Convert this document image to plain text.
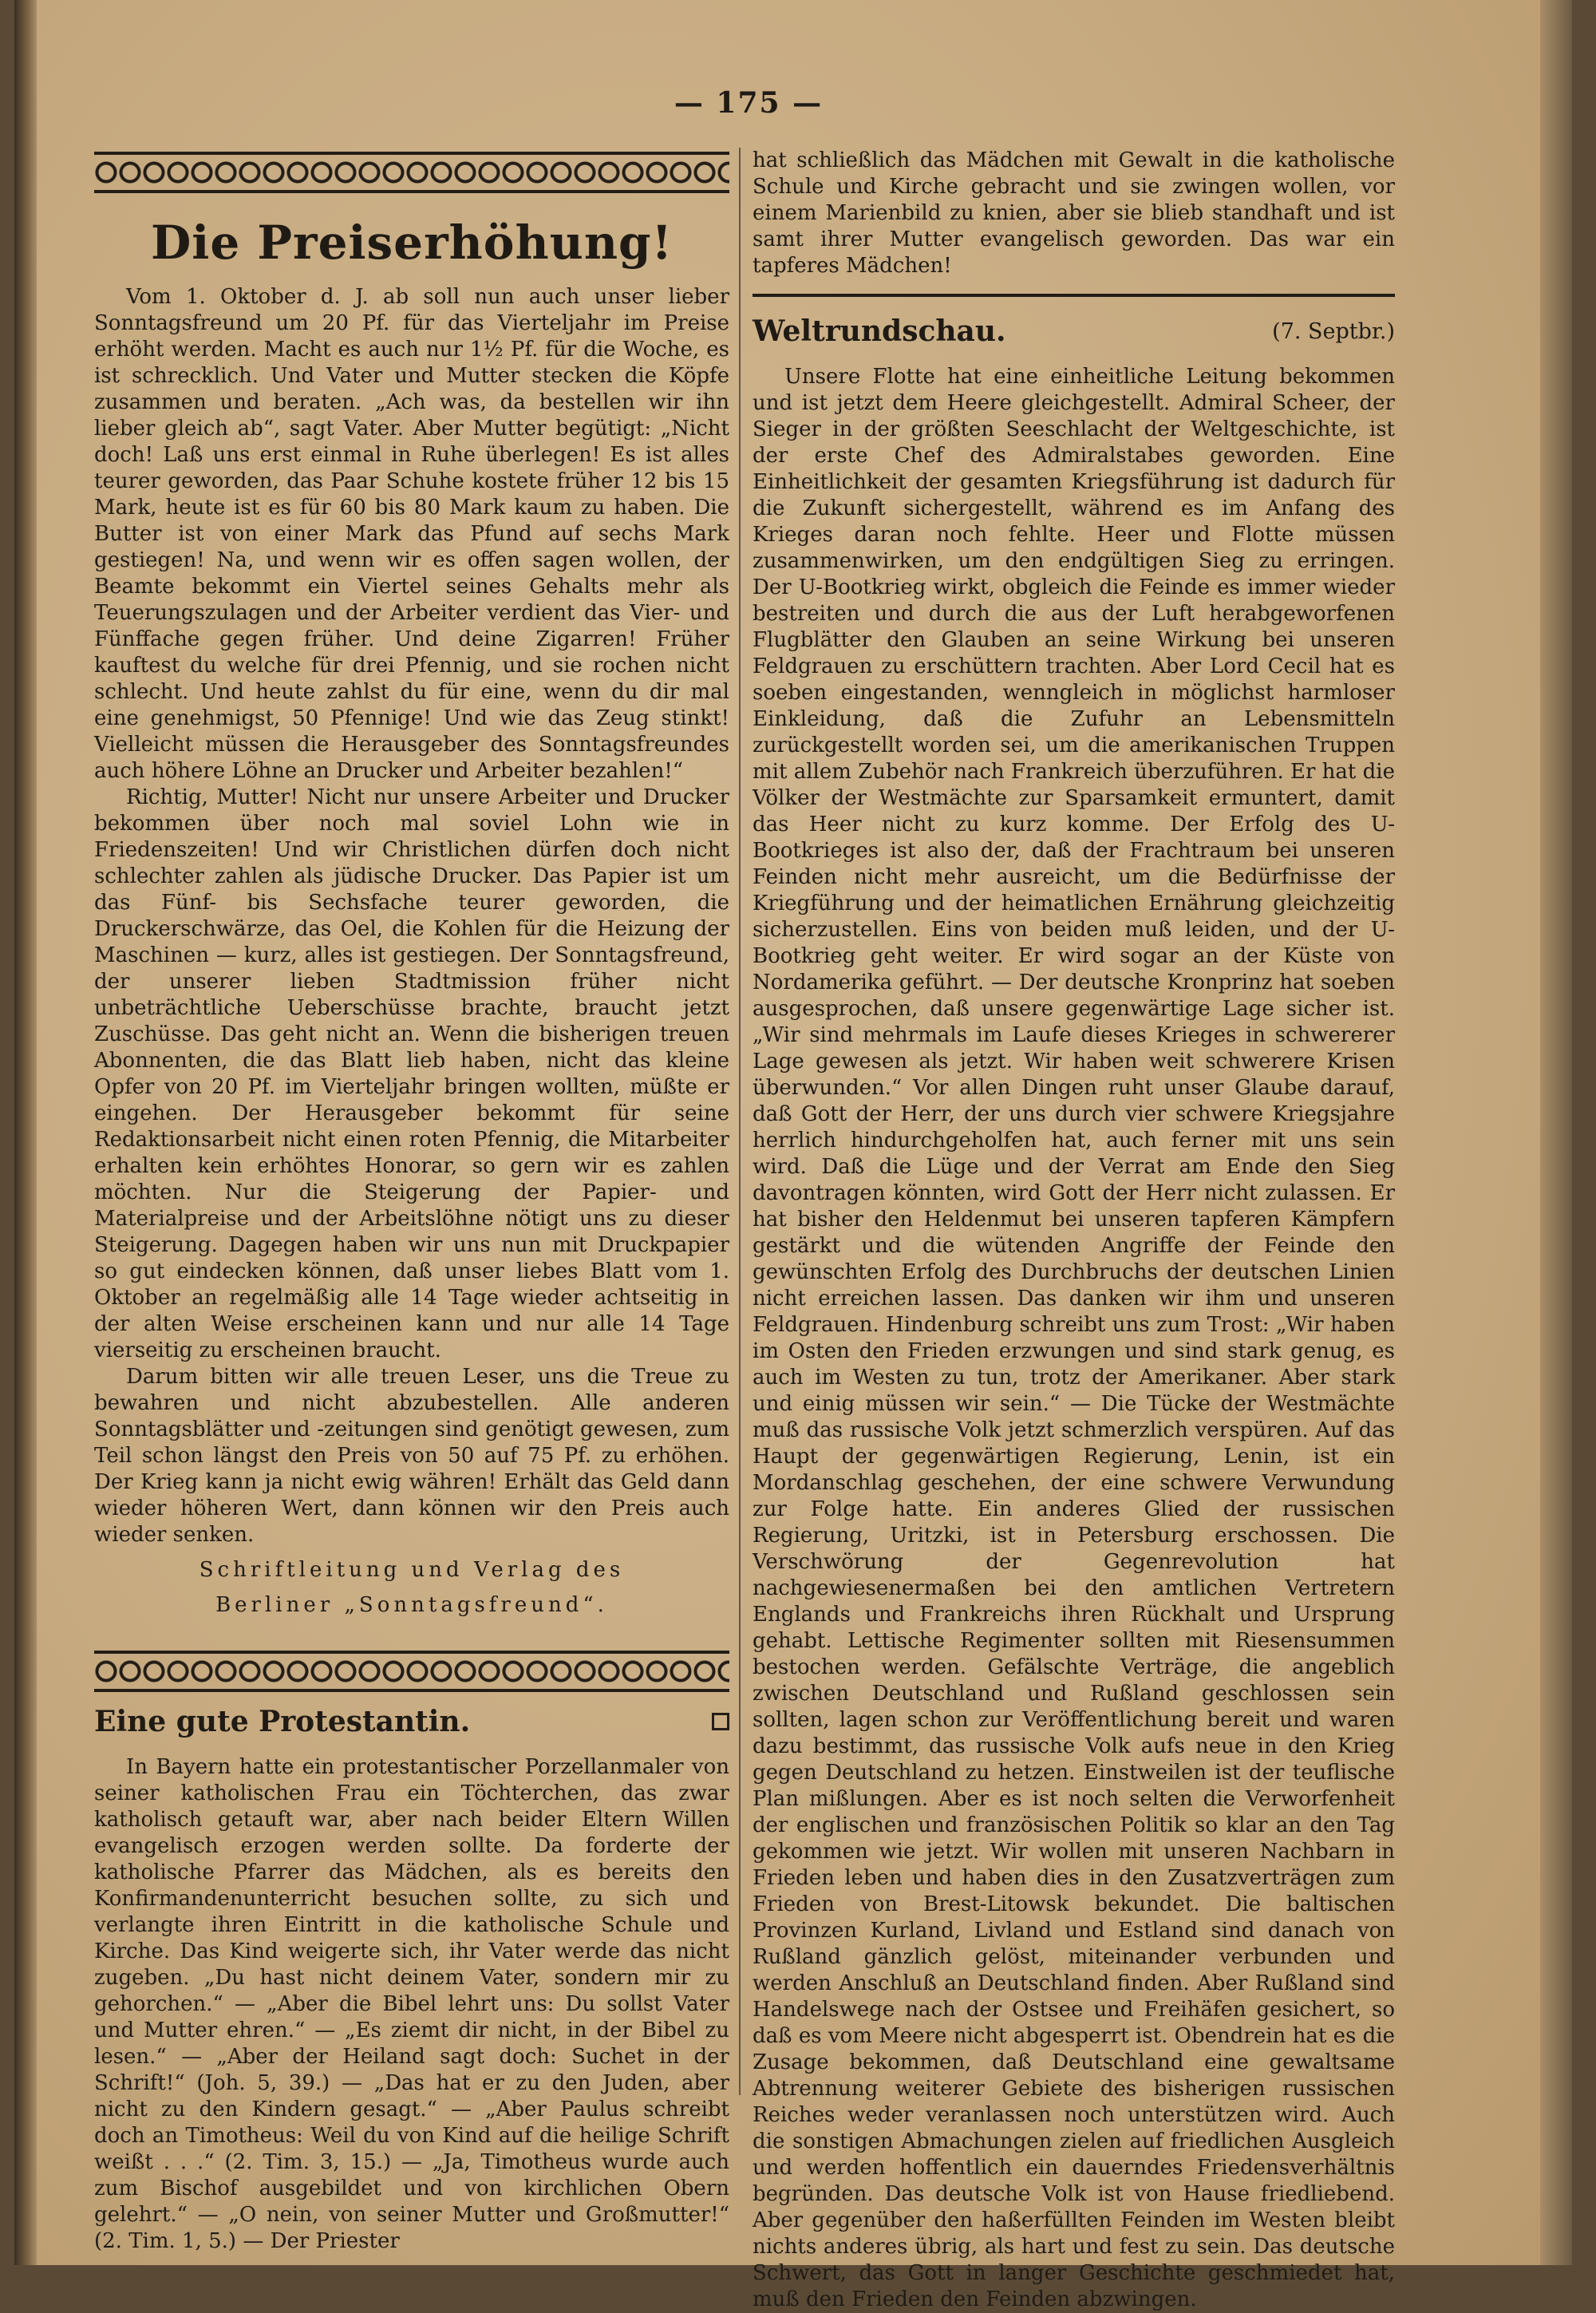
— 175 —
Die Preiserhöhung!

Vom 1. Oktober d. J. ab soll nun auch unser lieber Sonntagsfreund um 20 Pf. für das Vierteljahr im Preise erhöht werden. Macht es auch nur 1½ Pf. für die Woche, es ist schrecklich. Und Vater und Mutter stecken die Köpfe zusammen und beraten. „Ach was, da bestellen wir ihn lieber gleich ab“, sagt Vater. Aber Mutter begütigt: „Nicht doch! Laß uns erst einmal in Ruhe überlegen! Es ist alles teurer geworden, das Paar Schuhe kostete früher 12 bis 15 Mark, heute ist es für 60 bis 80 Mark kaum zu haben. Die Butter ist von einer Mark das Pfund auf sechs Mark gestiegen! Na, und wenn wir es offen sagen wollen, der Beamte bekommt ein Viertel seines Gehalts mehr als Teuerungszulagen und der Arbeiter verdient das Vier- und Fünffache gegen früher. Und deine Zigarren! Früher kauftest du welche für drei Pfennig, und sie rochen nicht schlecht. Und heute zahlst du für eine, wenn du dir mal eine genehmigst, 50 Pfennige! Und wie das Zeug stinkt! Vielleicht müssen die Herausgeber des Sonntagsfreundes auch höhere Löhne an Drucker und Arbeiter bezahlen!“

Richtig, Mutter! Nicht nur unsere Arbeiter und Drucker bekommen über noch mal soviel Lohn wie in Friedenszeiten! Und wir Christlichen dürfen doch nicht schlechter zahlen als jüdische Drucker. Das Papier ist um das Fünf- bis Sechsfache teurer geworden, die Druckerschwärze, das Oel, die Kohlen für die Heizung der Maschinen — kurz, alles ist gestiegen. Der Sonntagsfreund, der unserer lieben Stadtmission früher nicht unbeträchtliche Ueberschüsse brachte, braucht jetzt Zuschüsse. Das geht nicht an. Wenn die bisherigen treuen Abonnenten, die das Blatt lieb haben, nicht das kleine Opfer von 20 Pf. im Vierteljahr bringen wollten, müßte er eingehen. Der Herausgeber bekommt für seine Redaktionsarbeit nicht einen roten Pfennig, die Mitarbeiter erhalten kein erhöhtes Honorar, so gern wir es zahlen möchten. Nur die Steigerung der Papier- und Materialpreise und der Arbeitslöhne nötigt uns zu dieser Steigerung. Dagegen haben wir uns nun mit Druckpapier so gut eindecken können, daß unser liebes Blatt vom 1. Oktober an regelmäßig alle 14 Tage wieder achtseitig in der alten Weise erscheinen kann und nur alle 14 Tage vierseitig zu erscheinen braucht.

Darum bitten wir alle treuen Leser, uns die Treue zu bewahren und nicht abzubestellen. Alle anderen Sonntagsblätter und -zeitungen sind genötigt gewesen, zum Teil schon längst den Preis von 50 auf 75 Pf. zu erhöhen. Der Krieg kann ja nicht ewig währen! Erhält das Geld dann wieder höheren Wert, dann können wir den Preis auch wieder senken.

Schriftleitung und Verlag des
Berliner „Sonntagsfreund“.
Eine gute Protestantin.

In Bayern hatte ein protestantischer Porzellanmaler von seiner katholischen Frau ein Töchterchen, das zwar katholisch getauft war, aber nach beider Eltern Willen evangelisch erzogen werden sollte. Da forderte der katholische Pfarrer das Mädchen, als es bereits den Konfirmandenunterricht besuchen sollte, zu sich und verlangte ihren Eintritt in die katholische Schule und Kirche. Das Kind weigerte sich, ihr Vater werde das nicht zugeben. „Du hast nicht deinem Vater, sondern mir zu gehorchen.“ — „Aber die Bibel lehrt uns: Du sollst Vater und Mutter ehren.“ — „Es ziemt dir nicht, in der Bibel zu lesen.“ — „Aber der Heiland sagt doch: Suchet in der Schrift!“ (Joh. 5, 39.) — „Das hat er zu den Juden, aber nicht zu den Kindern gesagt.“ — „Aber Paulus schreibt doch an Timotheus: Weil du von Kind auf die heilige Schrift weißt . . .“ (2. Tim. 3, 15.) — „Ja, Timotheus wurde auch zum Bischof ausgebildet und von kirchlichen Obern gelehrt.“ — „O nein, von seiner Mutter und Großmutter!“ (2. Tim. 1, 5.) — Der Priester

hat schließlich das Mädchen mit Gewalt in die katholische Schule und Kirche gebracht und sie zwingen wollen, vor einem Marienbild zu knien, aber sie blieb standhaft und ist samt ihrer Mutter evangelisch geworden. Das war ein tapferes Mädchen!

Weltrundschau.	(7. Septbr.)

Unsere Flotte hat eine einheitliche Leitung bekommen und ist jetzt dem Heere gleichgestellt. Admiral Scheer, der Sieger in der größten Seeschlacht der Weltgeschichte, ist der erste Chef des Admiralstabes geworden. Eine Einheitlichkeit der gesamten Kriegsführung ist dadurch für die Zukunft sichergestellt, während es im Anfang des Krieges daran noch fehlte. Heer und Flotte müssen zusammenwirken, um den endgültigen Sieg zu erringen. Der U-Bootkrieg wirkt, obgleich die Feinde es immer wieder bestreiten und durch die aus der Luft herabgeworfenen Flugblätter den Glauben an seine Wirkung bei unseren Feldgrauen zu erschüttern trachten. Aber Lord Cecil hat es soeben eingestanden, wenngleich in möglichst harmloser Einkleidung, daß die Zufuhr an Lebensmitteln zurückgestellt worden sei, um die amerikanischen Truppen mit allem Zubehör nach Frankreich überzuführen. Er hat die Völker der Westmächte zur Sparsamkeit ermuntert, damit das Heer nicht zu kurz komme. Der Erfolg des U-Bootkrieges ist also der, daß der Frachtraum bei unseren Feinden nicht mehr ausreicht, um die Bedürfnisse der Kriegführung und der heimatlichen Ernährung gleichzeitig sicherzustellen. Eins von beiden muß leiden, und der U-Bootkrieg geht weiter. Er wird sogar an der Küste von Nordamerika geführt. — Der deutsche Kronprinz hat soeben ausgesprochen, daß unsere gegenwärtige Lage sicher ist. „Wir sind mehrmals im Laufe dieses Krieges in schwererer Lage gewesen als jetzt. Wir haben weit schwerere Krisen überwunden.“ Vor allen Dingen ruht unser Glaube darauf, daß Gott der Herr, der uns durch vier schwere Kriegsjahre herrlich hindurchgeholfen hat, auch ferner mit uns sein wird. Daß die Lüge und der Verrat am Ende den Sieg davontragen könnten, wird Gott der Herr nicht zulassen. Er hat bisher den Heldenmut bei unseren tapferen Kämpfern gestärkt und die wütenden Angriffe der Feinde den gewünschten Erfolg des Durchbruchs der deutschen Linien nicht erreichen lassen. Das danken wir ihm und unseren Feldgrauen. Hindenburg schreibt uns zum Trost: „Wir haben im Osten den Frieden erzwungen und sind stark genug, es auch im Westen zu tun, trotz der Amerikaner. Aber stark und einig müssen wir sein.“ — Die Tücke der Westmächte muß das russische Volk jetzt schmerzlich verspüren. Auf das Haupt der gegenwärtigen Regierung, Lenin, ist ein Mordanschlag geschehen, der eine schwere Verwundung zur Folge hatte. Ein anderes Glied der russischen Regierung, Uritzki, ist in Petersburg erschossen. Die Verschwörung der Gegenrevolution hat nachgewiesenermaßen bei den amtlichen Vertretern Englands und Frankreichs ihren Rückhalt und Ursprung gehabt. Lettische Regimenter sollten mit Riesensummen bestochen werden. Gefälschte Verträge, die angeblich zwischen Deutschland und Rußland geschlossen sein sollten, lagen schon zur Veröffentlichung bereit und waren dazu bestimmt, das russische Volk aufs neue in den Krieg gegen Deutschland zu hetzen. Einstweilen ist der teuflische Plan mißlungen. Aber es ist noch selten die Verworfenheit der englischen und französischen Politik so klar an den Tag gekommen wie jetzt. Wir wollen mit unseren Nachbarn in Frieden leben und haben dies in den Zusatzverträgen zum Frieden von Brest-Litowsk bekundet. Die baltischen Provinzen Kurland, Livland und Estland sind danach von Rußland gänzlich gelöst, miteinander verbunden und werden Anschluß an Deutschland finden. Aber Rußland sind Handelswege nach der Ostsee und Freihäfen gesichert, so daß es vom Meere nicht abgesperrt ist. Obendrein hat es die Zusage bekommen, daß Deutschland eine gewaltsame Abtrennung weiterer Gebiete des bisherigen russischen Reiches weder veranlassen noch unterstützen wird. Auch die sonstigen Abmachungen zielen auf friedlichen Ausgleich und werden hoffentlich ein dauerndes Friedensverhältnis begründen. Das deutsche Volk ist von Hause friedliebend. Aber gegenüber den haßerfüllten Feinden im Westen bleibt nichts anderes übrig, als hart und fest zu sein. Das deutsche Schwert, das Gott in langer Geschichte geschmiedet hat, muß den Frieden den Feinden abzwingen.
